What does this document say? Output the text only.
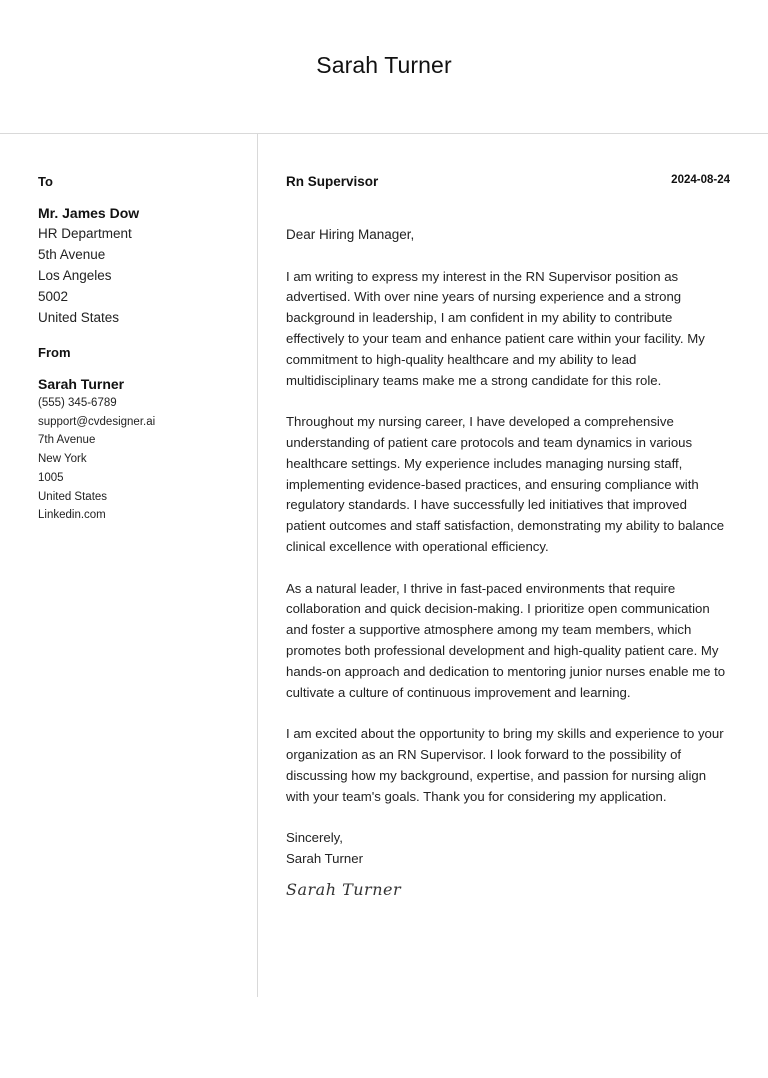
Sarah Turner
To
Mr. James Dow
HR Department
5th Avenue
Los Angeles
5002
United States
From
Sarah Turner
(555) 345-6789
support@cvdesigner.ai
7th Avenue
New York
1005
United States
Linkedin.com
Rn Supervisor	2024-08-24
Dear Hiring Manager,
I am writing to express my interest in the RN Supervisor position as advertised. With over nine years of nursing experience and a strong background in leadership, I am confident in my ability to contribute effectively to your team and enhance patient care within your facility. My commitment to high-quality healthcare and my ability to lead multidisciplinary teams make me a strong candidate for this role.
Throughout my nursing career, I have developed a comprehensive understanding of patient care protocols and team dynamics in various healthcare settings. My experience includes managing nursing staff, implementing evidence-based practices, and ensuring compliance with regulatory standards. I have successfully led initiatives that improved patient outcomes and staff satisfaction, demonstrating my ability to balance clinical excellence with operational efficiency.
As a natural leader, I thrive in fast-paced environments that require collaboration and quick decision-making. I prioritize open communication and foster a supportive atmosphere among my team members, which promotes both professional development and high-quality patient care. My hands-on approach and dedication to mentoring junior nurses enable me to cultivate a culture of continuous improvement and learning.
I am excited about the opportunity to bring my skills and experience to your organization as an RN Supervisor. I look forward to the possibility of discussing how my background, expertise, and passion for nursing align with your team's goals. Thank you for considering my application.
Sincerely,
Sarah Turner
Sarah Turner
